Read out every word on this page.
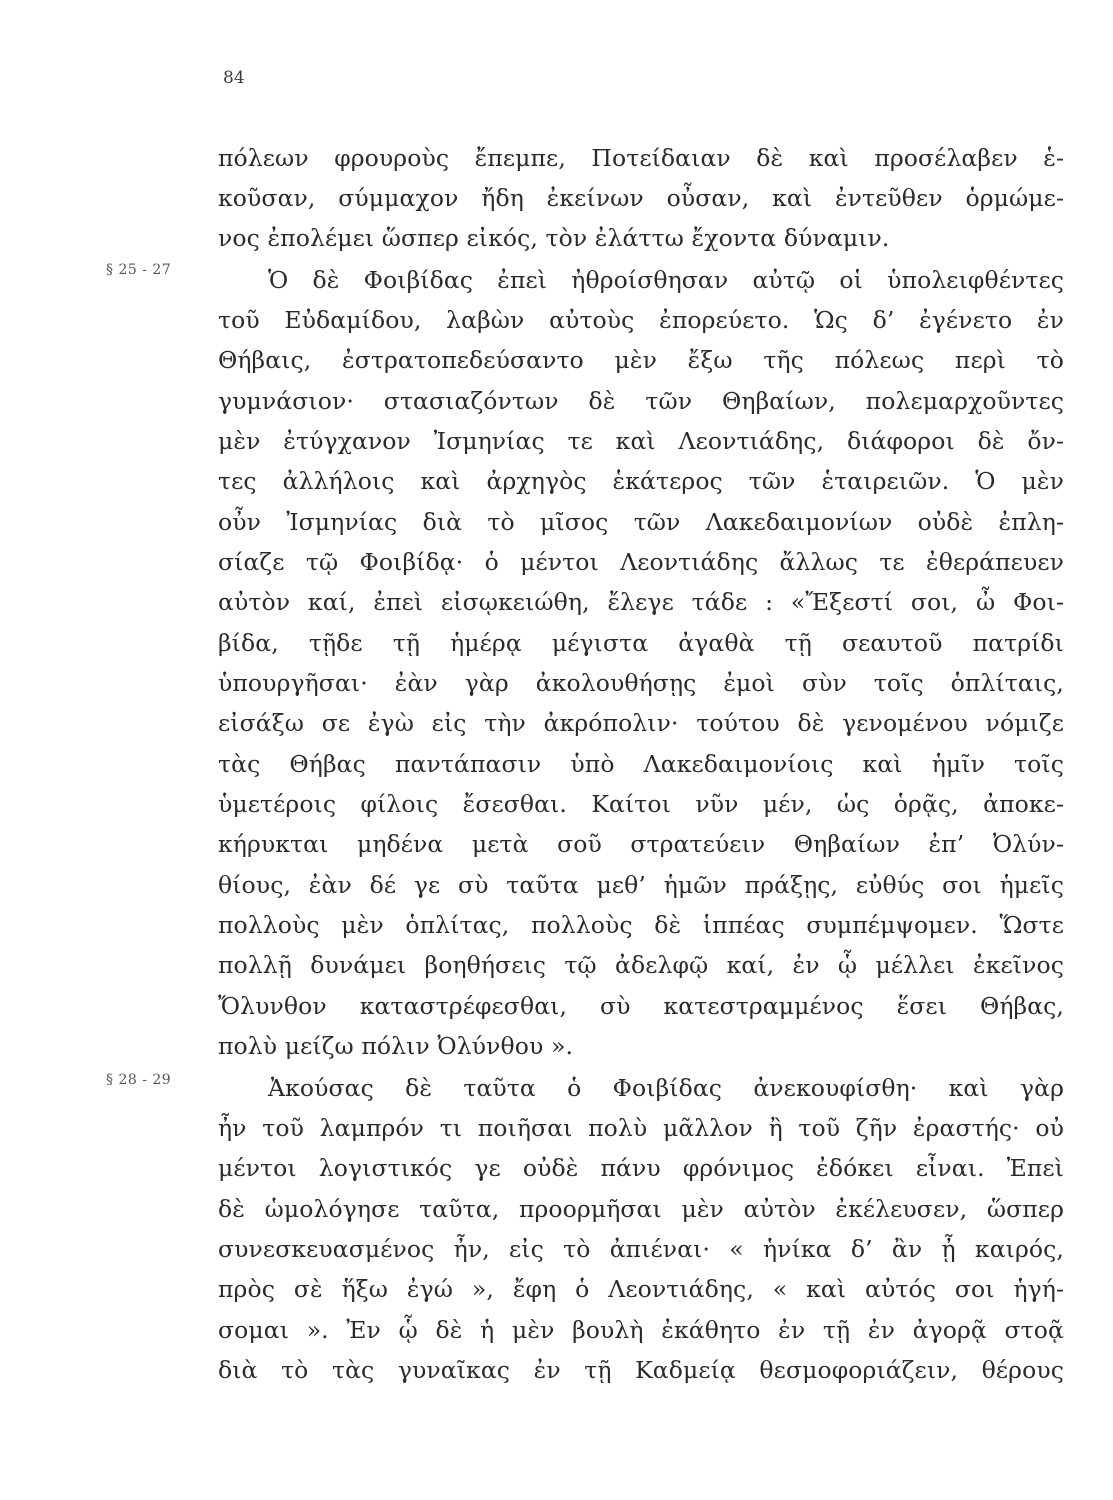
84
§ 25 - 27
§ 28 - 29
πόλεων φρουροὺς ἔπεμπε, Ποτείδαιαν δὲ καὶ προσέλαβεν ἑ-
κοῦσαν, σύμμαχον ἤδη ἐκείνων οὖσαν, καὶ ἐντεῦθεν ὁρμώμε-
νος ἐπολέμει ὥσπερ εἰκός, τὸν ἐλάττω ἔχοντα δύναμιν.
Ὁ δὲ Φοιβίδας ἐπεὶ ἠθροίσθησαν αὐτῷ οἱ ὑπολειφθέντες
τοῦ Εὐδαμίδου, λαβὼν αὐτοὺς ἐπορεύετο. Ὡς δ’ ἐγένετο ἐν
Θήβαις, ἐστρατοπεδεύσαντο μὲν ἔξω τῆς πόλεως περὶ τὸ
γυμνάσιον· στασιαζόντων δὲ τῶν Θηβαίων, πολεμαρχοῦντες
μὲν ἐτύγχανον Ἰσμηνίας τε καὶ Λεοντιάδης, διάφοροι δὲ ὄν-
τες ἀλλήλοις καὶ ἀρχηγὸς ἑκάτερος τῶν ἑταιρειῶν. Ὁ μὲν
οὖν Ἰσμηνίας διὰ τὸ μῖσος τῶν Λακεδαιμονίων οὐδὲ ἐπλη-
σίαζε τῷ Φοιβίδᾳ· ὁ μέντοι Λεοντιάδης ἄλλως τε ἐθεράπευεν
αὐτὸν καί, ἐπεὶ εἰσῳκειώθη, ἔλεγε τάδε : «Ἔξεστί σοι, ὦ Φοι-
βίδα, τῇδε τῇ ἡμέρᾳ μέγιστα ἀγαθὰ τῇ σεαυτοῦ πατρίδι
ὑπουργῆσαι· ἐὰν γὰρ ἀκολουθήσῃς ἐμοὶ σὺν τοῖς ὁπλίταις,
εἰσάξω σε ἐγὼ εἰς τὴν ἀκρόπολιν· τούτου δὲ γενομένου νόμιζε
τὰς Θήβας παντάπασιν ὑπὸ Λακεδαιμονίοις καὶ ἡμῖν τοῖς
ὑμετέροις φίλοις ἔσεσθαι. Καίτοι νῦν μέν, ὡς ὁρᾷς, ἀποκε-
κήρυκται μηδένα μετὰ σοῦ στρατεύειν Θηβαίων ἐπ’ Ὀλύν-
θίους, ἐὰν δέ γε σὺ ταῦτα μεθ’ ἡμῶν πράξῃς, εὐθύς σοι ἡμεῖς
πολλοὺς μὲν ὁπλίτας, πολλοὺς δὲ ἱππέας συμπέμψομεν. Ὥστε
πολλῇ δυνάμει βοηθήσεις τῷ ἀδελφῷ καί, ἐν ᾧ μέλλει ἐκεῖνος
Ὄλυνθον καταστρέφεσθαι, σὺ κατεστραμμένος ἕσει Θήβας,
πολὺ μείζω πόλιν Ὀλύνθου ».
Ἀκούσας δὲ ταῦτα ὁ Φοιβίδας ἀνεκουφίσθη· καὶ γὰρ
ἦν τοῦ λαμπρόν τι ποιῆσαι πολὺ μᾶλλον ἢ τοῦ ζῆν ἐραστής· οὐ
μέντοι λογιστικός γε οὐδὲ πάνυ φρόνιμος ἐδόκει εἶναι. Ἐπεὶ
δὲ ὡμολόγησε ταῦτα, προορμῆσαι μὲν αὐτὸν ἐκέλευσεν, ὥσπερ
συνεσκευασμένος ἦν, εἰς τὸ ἀπιέναι· « ἡνίκα δ’ ἂν ᾖ καιρός,
πρὸς σὲ ἥξω ἐγώ », ἔφη ὁ Λεοντιάδης, « καὶ αὐτός σοι ἡγή-
σομαι ». Ἐν ᾧ δὲ ἡ μὲν βουλὴ ἐκάθητο ἐν τῇ ἐν ἀγορᾷ στοᾷ
διὰ τὸ τὰς γυναῖκας ἐν τῇ Καδμείᾳ θεσμοφοριάζειν, θέρους
